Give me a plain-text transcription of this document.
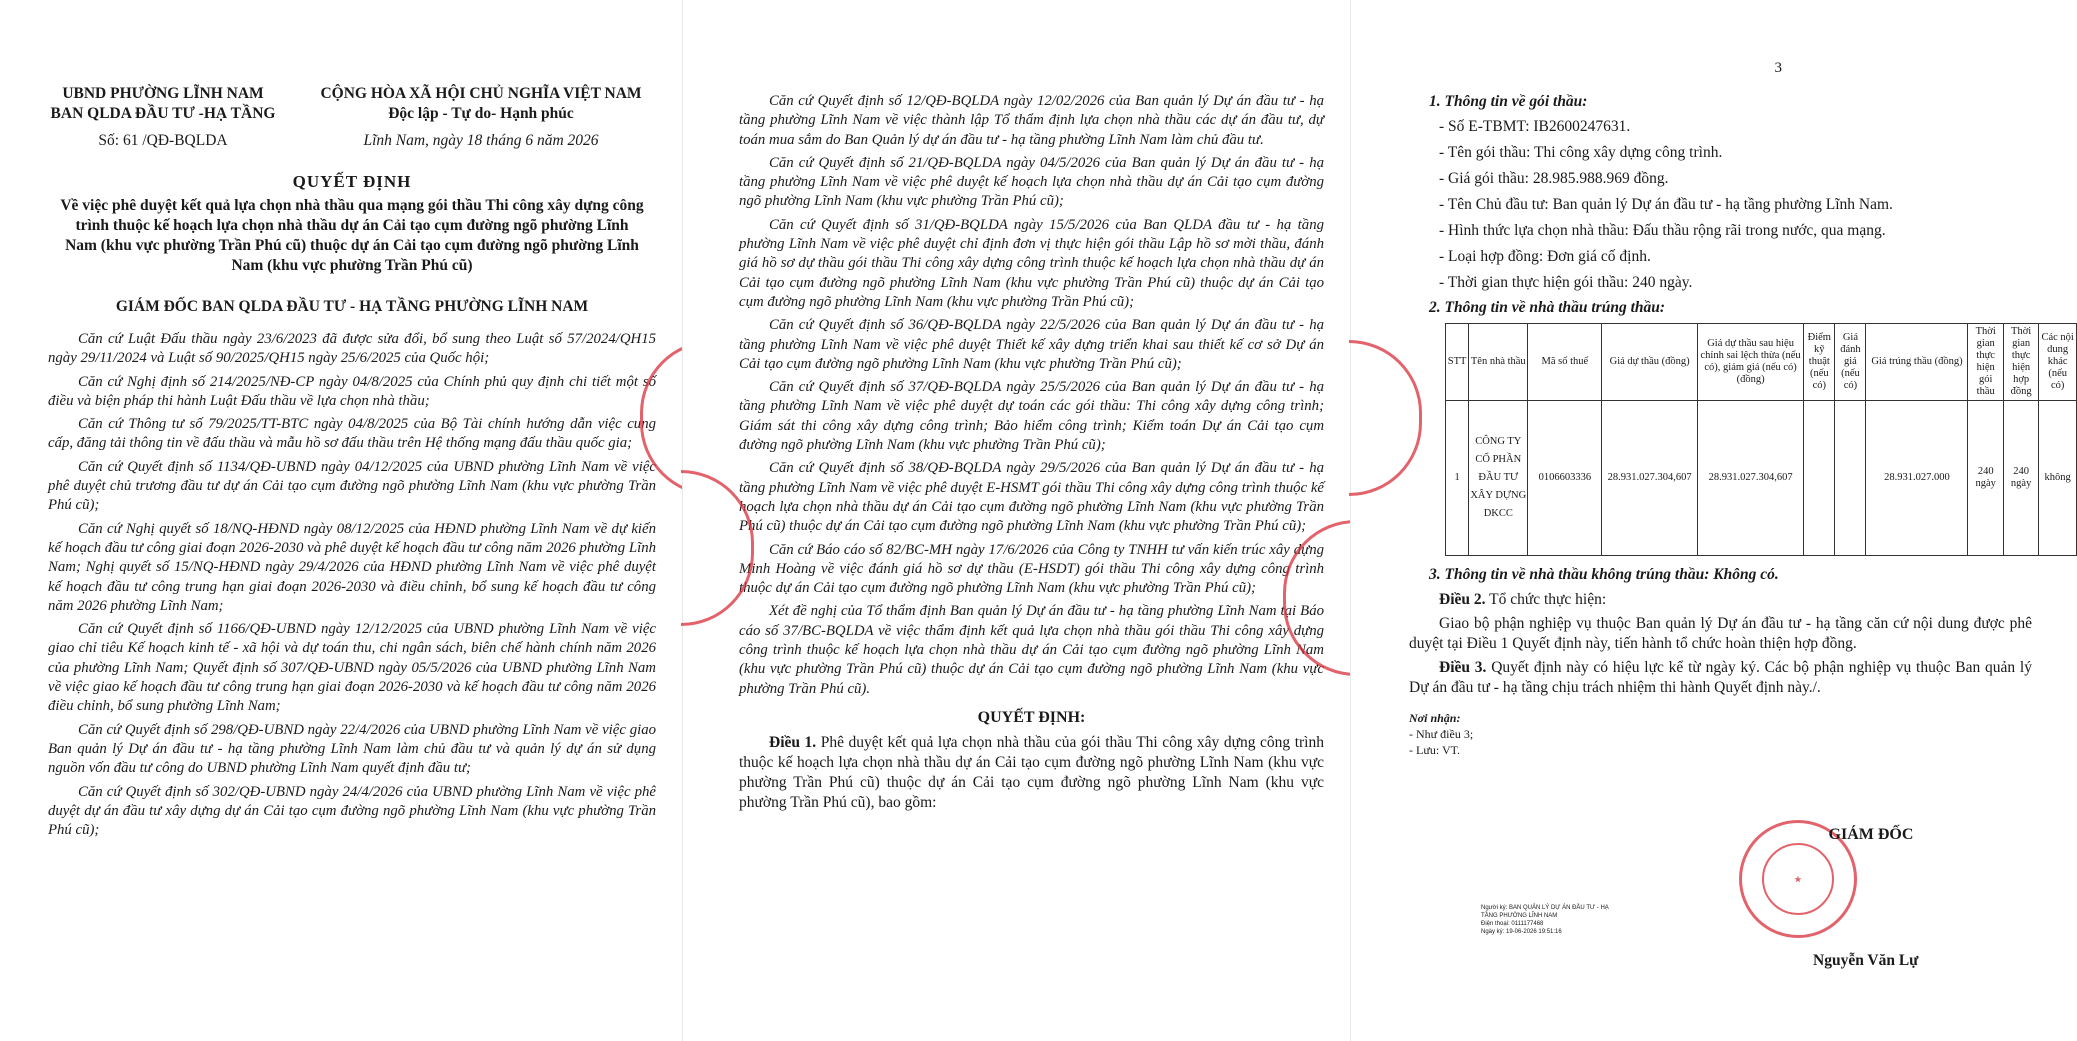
UBND PHƯỜNG LĨNH NAM
BAN QLDA ĐẦU TƯ -HẠ TẦNG
CỘNG HÒA XÃ HỘI CHỦ NGHĨA VIỆT NAM
Độc lập - Tự do- Hạnh phúc
Số: 61 /QĐ-BQLDA	Lĩnh Nam, ngày 18 tháng 6 năm 2026
QUYẾT ĐỊNH
Về việc phê duyệt kết quả lựa chọn nhà thầu qua mạng gói thầu Thi công xây dựng công trình thuộc kế hoạch lựa chọn nhà thầu dự án Cải tạo cụm đường ngõ phường Lĩnh Nam (khu vực phường Trần Phú cũ) thuộc dự án Cải tạo cụm đường ngõ phường Lĩnh Nam (khu vực phường Trần Phú cũ)
GIÁM ĐỐC BAN QLDA ĐẦU TƯ - HẠ TẦNG PHƯỜNG LĨNH NAM

Căn cứ Luật Đấu thầu ngày 23/6/2023 đã được sửa đổi, bổ sung theo Luật số 57/2024/QH15 ngày 29/11/2024 và Luật số 90/2025/QH15 ngày 25/6/2025 của Quốc hội;

Căn cứ Nghị định số 214/2025/NĐ-CP ngày 04/8/2025 của Chính phủ quy định chi tiết một số điều và biện pháp thi hành Luật Đấu thầu về lựa chọn nhà thầu;

Căn cứ Thông tư số 79/2025/TT-BTC ngày 04/8/2025 của Bộ Tài chính hướng dẫn việc cung cấp, đăng tải thông tin về đấu thầu và mẫu hồ sơ đấu thầu trên Hệ thống mạng đấu thầu quốc gia;

Căn cứ Quyết định số 1134/QĐ-UBND ngày 04/12/2025 của UBND phường Lĩnh Nam về việc phê duyệt chủ trương đầu tư dự án Cải tạo cụm đường ngõ phường Lĩnh Nam (khu vực phường Trần Phú cũ);

Căn cứ Nghị quyết số 18/NQ-HĐND ngày 08/12/2025 của HĐND phường Lĩnh Nam về dự kiến kế hoạch đầu tư công giai đoạn 2026-2030 và phê duyệt kế hoạch đầu tư công năm 2026 phường Lĩnh Nam; Nghị quyết số 15/NQ-HĐND ngày 29/4/2026 của HĐND phường Lĩnh Nam về việc phê duyệt kế hoạch đầu tư công trung hạn giai đoạn 2026-2030 và điều chỉnh, bổ sung kế hoạch đầu tư công năm 2026 phường Lĩnh Nam;

Căn cứ Quyết định số 1166/QĐ-UBND ngày 12/12/2025 của UBND phường Lĩnh Nam về việc giao chỉ tiêu Kế hoạch kinh tế - xã hội và dự toán thu, chi ngân sách, biên chế hành chính năm 2026 của phường Lĩnh Nam; Quyết định số 307/QĐ-UBND ngày 05/5/2026 của UBND phường Lĩnh Nam về việc giao kế hoạch đầu tư công trung hạn giai đoạn 2026-2030 và kế hoạch đầu tư công năm 2026 điều chỉnh, bổ sung phường Lĩnh Nam;

Căn cứ Quyết định số 298/QĐ-UBND ngày 22/4/2026 của UBND phường Lĩnh Nam về việc giao Ban quản lý Dự án đầu tư - hạ tầng phường Lĩnh Nam làm chủ đầu tư và quản lý dự án sử dụng nguồn vốn đầu tư công do UBND phường Lĩnh Nam quyết định đầu tư;

Căn cứ Quyết định số 302/QĐ-UBND ngày 24/4/2026 của UBND phường Lĩnh Nam về việc phê duyệt dự án đầu tư xây dựng dự án Cải tạo cụm đường ngõ phường Lĩnh Nam (khu vực phường Trần Phú cũ);

Căn cứ Quyết định số 12/QĐ-BQLDA ngày 12/02/2026 của Ban quản lý Dự án đầu tư - hạ tầng phường Lĩnh Nam về việc thành lập Tổ thẩm định lựa chọn nhà thầu các dự án đầu tư, dự toán mua sắm do Ban Quản lý dự án đầu tư - hạ tầng phường Lĩnh Nam làm chủ đầu tư.

Căn cứ Quyết định số 21/QĐ-BQLDA ngày 04/5/2026 của Ban quản lý Dự án đầu tư - hạ tầng phường Lĩnh Nam về việc phê duyệt kế hoạch lựa chọn nhà thầu dự án Cải tạo cụm đường ngõ phường Lĩnh Nam (khu vực phường Trần Phú cũ);

Căn cứ Quyết định số 31/QĐ-BQLDA ngày 15/5/2026 của Ban QLDA đầu tư - hạ tầng phường Lĩnh Nam về việc phê duyệt chỉ định đơn vị thực hiện gói thầu Lập hồ sơ mời thầu, đánh giá hồ sơ dự thầu gói thầu Thi công xây dựng công trình thuộc kế hoạch lựa chọn nhà thầu dự án Cải tạo cụm đường ngõ phường Lĩnh Nam (khu vực phường Trần Phú cũ) thuộc dự án Cải tạo cụm đường ngõ phường Lĩnh Nam (khu vực phường Trần Phú cũ);

Căn cứ Quyết định số 36/QĐ-BQLDA ngày 22/5/2026 của Ban quản lý Dự án đầu tư - hạ tầng phường Lĩnh Nam về việc phê duyệt Thiết kế xây dựng triển khai sau thiết kế cơ sở Dự án Cải tạo cụm đường ngõ phường Lĩnh Nam (khu vực phường Trần Phú cũ);

Căn cứ Quyết định số 37/QĐ-BQLDA ngày 25/5/2026 của Ban quản lý Dự án đầu tư - hạ tầng phường Lĩnh Nam về việc phê duyệt dự toán các gói thầu: Thi công xây dựng công trình; Giám sát thi công xây dựng công trình; Bảo hiểm công trình; Kiểm toán Dự án Cải tạo cụm đường ngõ phường Lĩnh Nam (khu vực phường Trần Phú cũ);

Căn cứ Quyết định số 38/QĐ-BQLDA ngày 29/5/2026 của Ban quản lý Dự án đầu tư - hạ tầng phường Lĩnh Nam về việc phê duyệt E-HSMT gói thầu Thi công xây dựng công trình thuộc kế hoạch lựa chọn nhà thầu dự án Cải tạo cụm đường ngõ phường Lĩnh Nam (khu vực phường Trần Phú cũ) thuộc dự án Cải tạo cụm đường ngõ phường Lĩnh Nam (khu vực phường Trần Phú cũ);

Căn cứ Báo cáo số 82/BC-MH ngày 17/6/2026 của Công ty TNHH tư vấn kiến trúc xây dựng Minh Hoàng về việc đánh giá hồ sơ dự thầu (E-HSDT) gói thầu Thi công xây dựng công trình thuộc dự án Cải tạo cụm đường ngõ phường Lĩnh Nam (khu vực phường Trần Phú cũ);

Xét đề nghị của Tổ thẩm định Ban quản lý Dự án đầu tư - hạ tầng phường Lĩnh Nam tại Báo cáo số 37/BC-BQLDA về việc thẩm định kết quả lựa chọn nhà thầu gói thầu Thi công xây dựng công trình thuộc kế hoạch lựa chọn nhà thầu dự án Cải tạo cụm đường ngõ phường Lĩnh Nam (khu vực phường Trần Phú cũ) thuộc dự án Cải tạo cụm đường ngõ phường Lĩnh Nam (khu vực phường Trần Phú cũ).

QUYẾT ĐỊNH:

Điều 1. Phê duyệt kết quả lựa chọn nhà thầu của gói thầu Thi công xây dựng công trình thuộc kế hoạch lựa chọn nhà thầu dự án Cải tạo cụm đường ngõ phường Lĩnh Nam (khu vực phường Trần Phú cũ) thuộc dự án Cải tạo cụm đường ngõ phường Lĩnh Nam (khu vực phường Trần Phú cũ), bao gồm:

3
1. Thông tin về gói thầu:
- Số E-TBMT: IB2600247631.
- Tên gói thầu: Thi công xây dựng công trình.
- Giá gói thầu: 28.985.988.969 đồng.
- Tên Chủ đầu tư: Ban quản lý Dự án đầu tư - hạ tầng phường Lĩnh Nam.
- Hình thức lựa chọn nhà thầu: Đấu thầu rộng rãi trong nước, qua mạng.
- Loại hợp đồng: Đơn giá cố định.
- Thời gian thực hiện gói thầu: 240 ngày.
2. Thông tin về nhà thầu trúng thầu:
STT	Tên nhà thầu	Mã số thuế	Giá dự thầu (đồng)	Giá dự thầu sau hiệu chỉnh sai lệch thừa (nếu có), giảm giá (nếu có) (đồng)	Điểm kỹ thuật (nếu có)	Giá đánh giá (nếu có)	Giá trúng thầu (đồng)	Thời gian thực hiện gói thầu	Thời gian thực hiện hợp đồng	Các nội dung khác (nếu có)
1	CÔNG TY CỔ PHẦN ĐẦU TƯ XÂY DỰNG DKCC	0106603336	28.931.027.304,607	28.931.027.304,607			28.931.027.000	240 ngày	240 ngày	không
3. Thông tin về nhà thầu không trúng thầu: Không có.

Điều 2. Tổ chức thực hiện:

Giao bộ phận nghiệp vụ thuộc Ban quản lý Dự án đầu tư - hạ tầng căn cứ nội dung được phê duyệt tại Điều 1 Quyết định này, tiến hành tổ chức hoàn thiện hợp đồng.

Điều 3. Quyết định này có hiệu lực kể từ ngày ký. Các bộ phận nghiệp vụ thuộc Ban quản lý Dự án đầu tư - hạ tầng chịu trách nhiệm thi hành Quyết định này./.

Nơi nhận:
- Như điều 3;
- Lưu: VT.
Người ký: BAN QUẢN LÝ DỰ ÁN ĐẦU TƯ - HẠ
TẦNG PHƯỜNG LĨNH NAM
Điện thoại: 0111177468
Ngày ký: 19-06-2026 19:51:16
★
GIÁM ĐỐC
Nguyễn Văn Lự
